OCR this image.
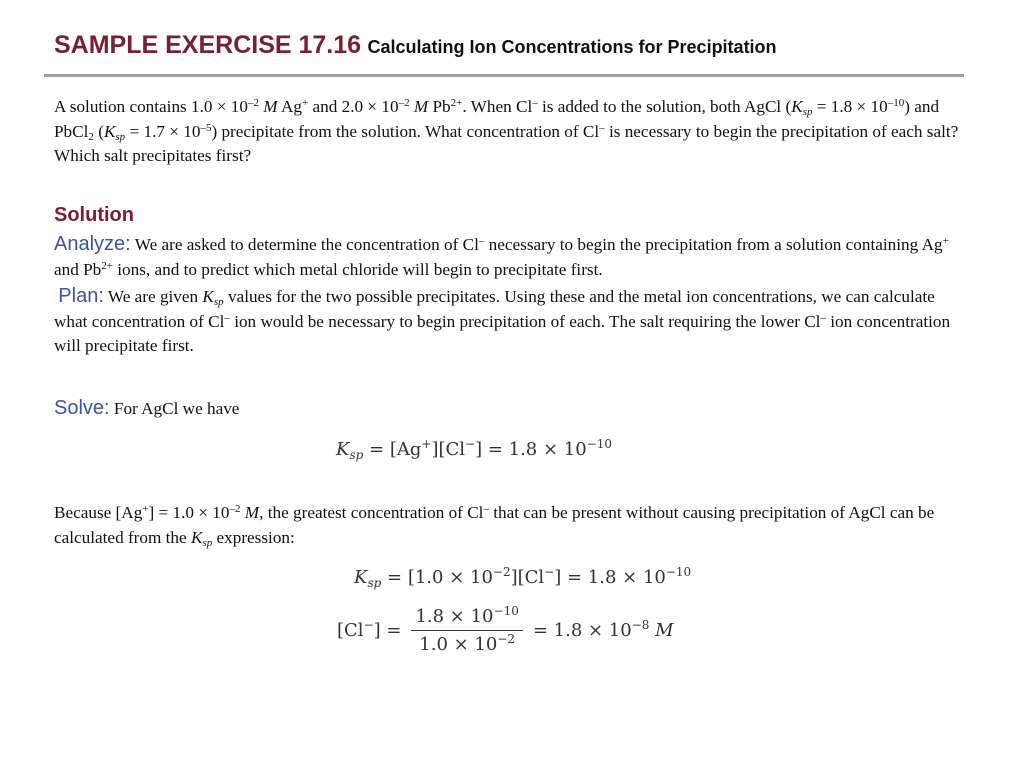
SAMPLE EXERCISE 17.16 Calculating Ion Concentrations for Precipitation
A solution contains $1.0 \times 10^{-2}$ M Ag+ and $2.0 \times 10^{-2}$ M $Pb^{2+}$. When Cl– is added to the solution, both AgCl $(K_{sp} = 1.8 \times 10^{-10})$ and PbCl$_2$ $(K_{sp} = 1.7 \times 10^{-5})$ precipitate from the solution. What concentration of Cl– is necessary to begin the precipitation of each salt? Which salt precipitates first?
Solution
Analyze: We are asked to determine the concentration of Cl– necessary to begin the precipitation from a solution containing Ag+ and $Pb^{2+}$ ions, and to predict which metal chloride will begin to precipitate first.
Plan: We are given $K_{sp}$ values for the two possible precipitates. Using these and the metal ion concentrations, we can calculate what concentration of Cl– ion would be necessary to begin precipitation of each. The salt requiring the lower Cl– ion concentration will precipitate first.
Solve: For AgCl we have
$K_{sp} = [Ag^+][Cl^-] = 1.8 \times 10^{-10}$
Because $[Ag^+] = 1.0 \times 10^{-2}$ M, the greatest concentration of Cl– that can be present without causing precipitation of AgCl can be calculated from the $K_{sp}$ expression:
$K_{sp} = [1.0 \times 10^{-2}][Cl^-] = 1.8 \times 10^{-10}$
$[Cl^-] = \frac{1.8 \times 10^{-10}}{1.0 \times 10^{-2}} = 1.8 \times 10^{-8}$ M
